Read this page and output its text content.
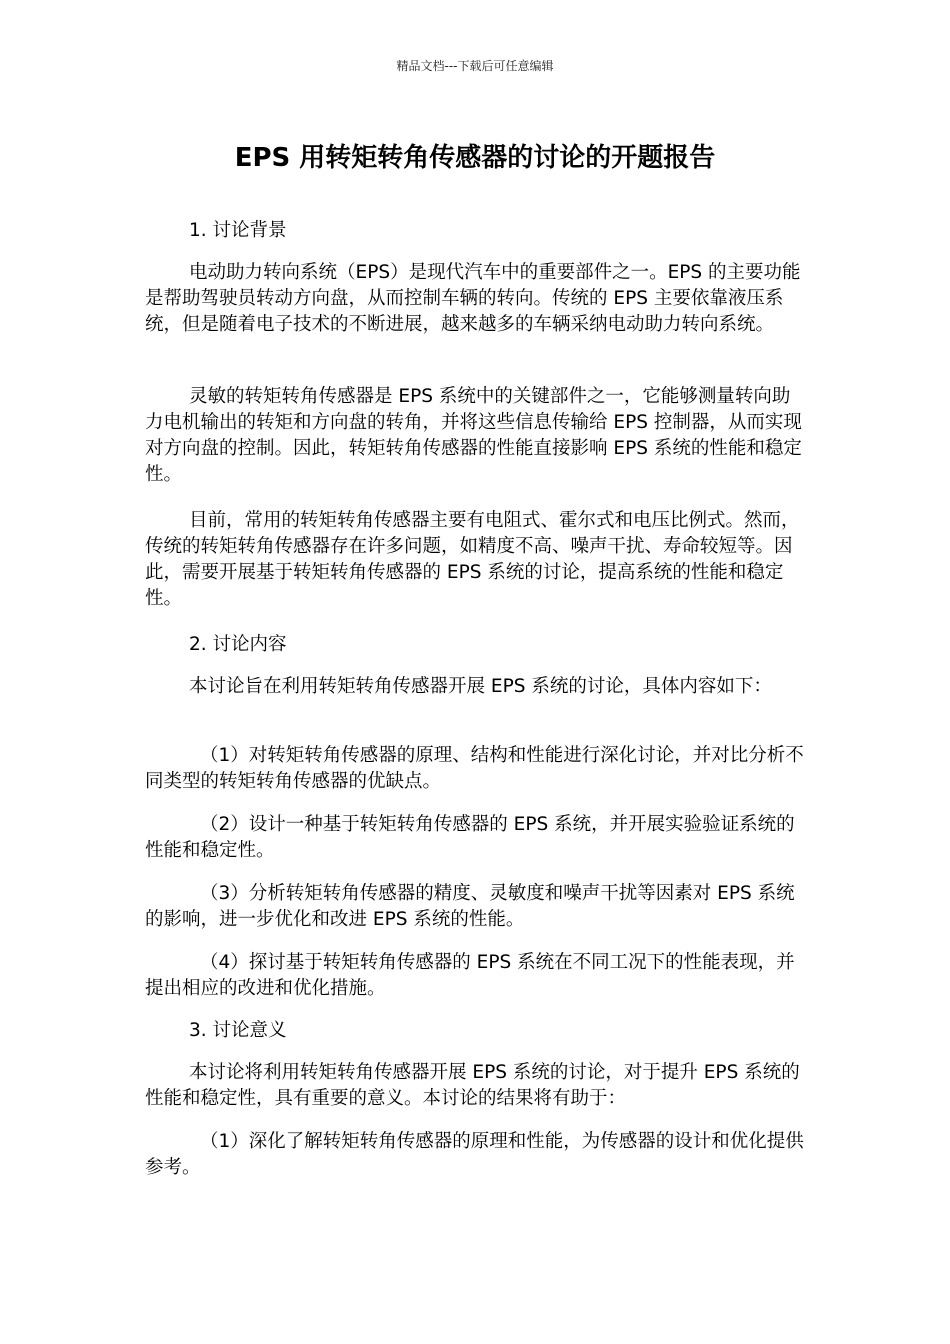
精品文档---下载后可任意编辑
EPS 用转矩转角传感器的讨论的开题报告

1. 讨论背景

电动助力转向系统（EPS）是现代汽车中的重要部件之一。EPS 的主要功能是帮助驾驶员转动方向盘，从而控制车辆的转向。传统的 EPS 主要依靠液压系统，但是随着电子技术的不断进展，越来越多的车辆采纳电动助力转向系统。

灵敏的转矩转角传感器是 EPS 系统中的关键部件之一，它能够测量转向助力电机输出的转矩和方向盘的转角，并将这些信息传输给 EPS 控制器，从而实现对方向盘的控制。因此，转矩转角传感器的性能直接影响 EPS 系统的性能和稳定性。

目前，常用的转矩转角传感器主要有电阻式、霍尔式和电压比例式。然而，传统的转矩转角传感器存在许多问题，如精度不高、噪声干扰、寿命较短等。因此，需要开展基于转矩转角传感器的 EPS 系统的讨论，提高系统的性能和稳定性。

2. 讨论内容

本讨论旨在利用转矩转角传感器开展 EPS 系统的讨论，具体内容如下：

（1）对转矩转角传感器的原理、结构和性能进行深化讨论，并对比分析不同类型的转矩转角传感器的优缺点。

（2）设计一种基于转矩转角传感器的 EPS 系统，并开展实验验证系统的性能和稳定性。

（3）分析转矩转角传感器的精度、灵敏度和噪声干扰等因素对 EPS 系统的影响，进一步优化和改进 EPS 系统的性能。

（4）探讨基于转矩转角传感器的 EPS 系统在不同工况下的性能表现，并提出相应的改进和优化措施。

3. 讨论意义

本讨论将利用转矩转角传感器开展 EPS 系统的讨论，对于提升 EPS 系统的性能和稳定性，具有重要的意义。本讨论的结果将有助于：

（1）深化了解转矩转角传感器的原理和性能，为传感器的设计和优化提供参考。
